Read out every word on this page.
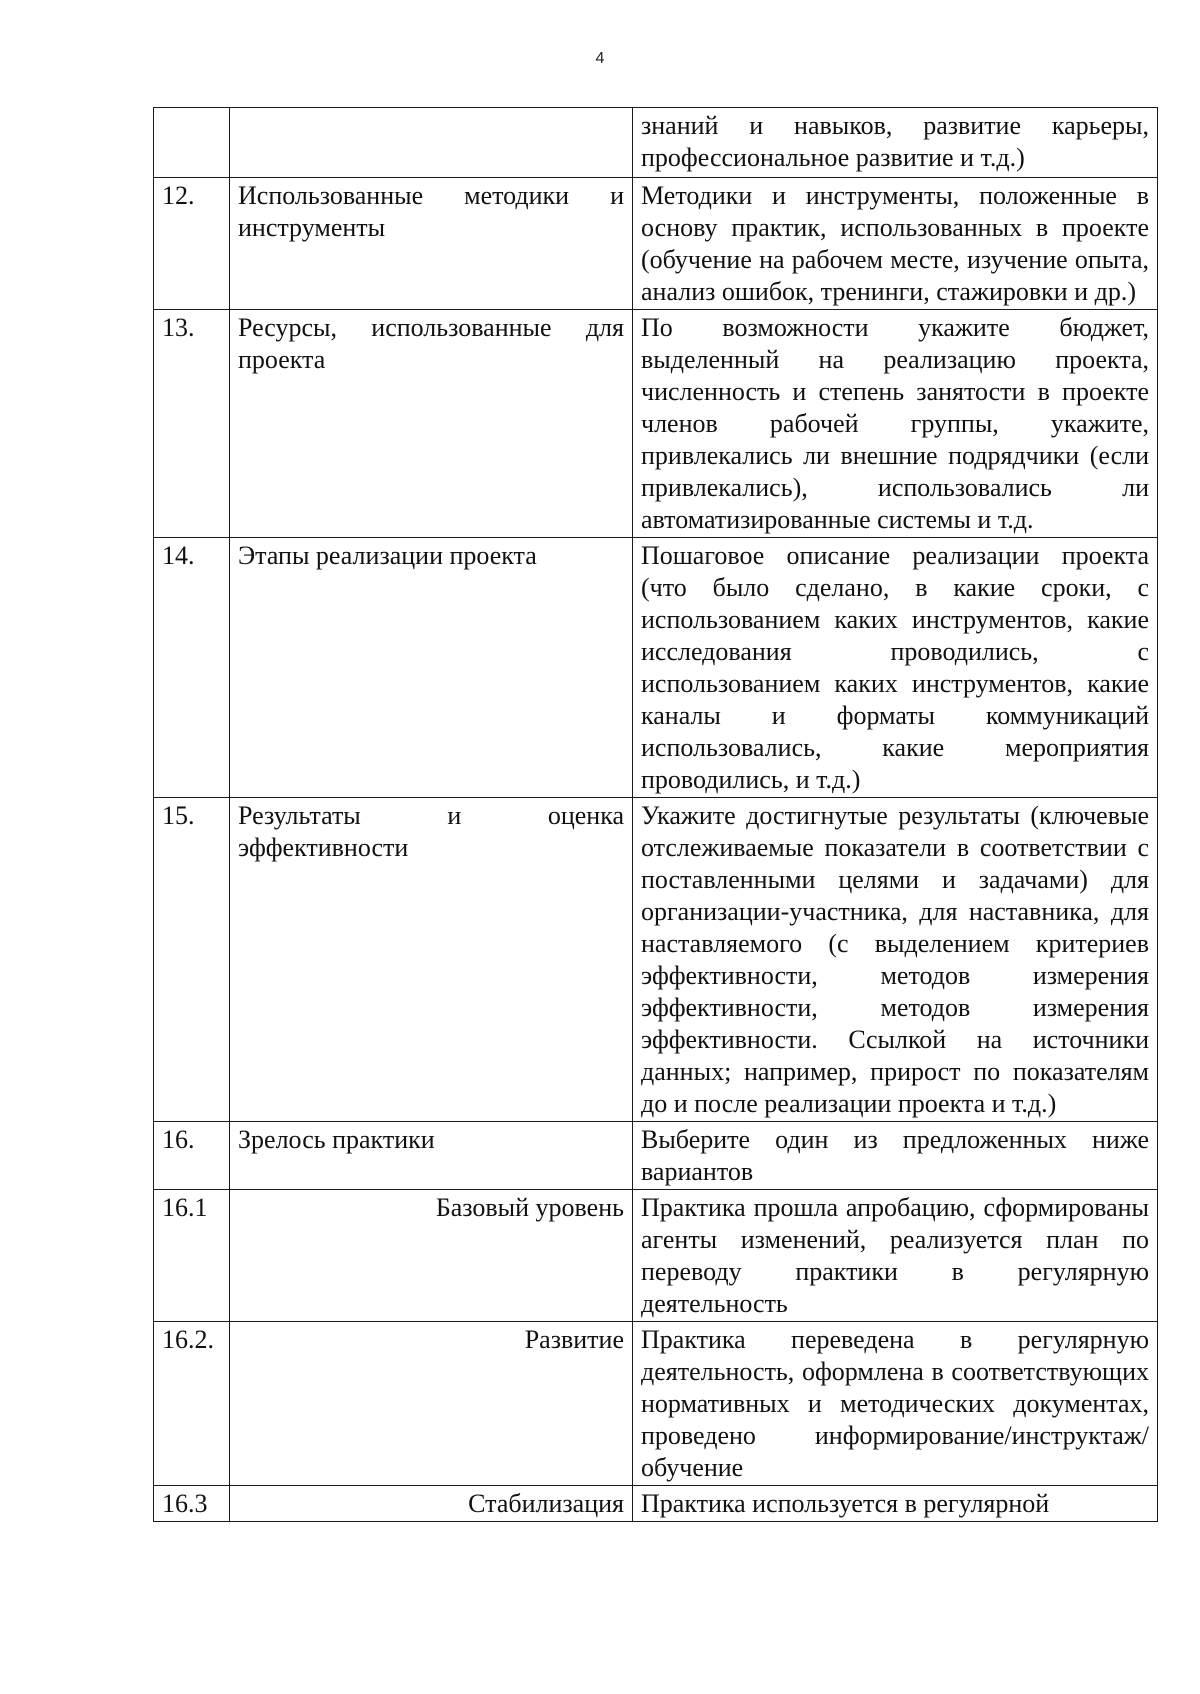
4
		знаний и навыков, развитие карьеры, профессиональное развитие и т.д.)
12.	Использованные методики и инструменты	Методики и инструменты, положенные в основу практик, использованных в проекте (обучение на рабочем месте, изучение опыта, анализ ошибок, тренинги, стажировки и др.)
13.	Ресурсы, использованные для проекта	По возможности укажите бюджет, выделенный на реализацию проекта, численность и степень занятости в проекте членов рабочей группы, укажите, привлекались ли внешние подрядчики (если привлекались), использовались ли автоматизированные системы и т.д.
14.	Этапы реализации проекта	Пошаговое описание реализации проекта (что было сделано, в какие сроки, с использованием каких инструментов, какие исследования проводились, с использованием каких инструментов, какие каналы и форматы коммуникаций использовались, какие мероприятия проводились, и т.д.)
15.	Результаты и оценка эффективности	Укажите достигнутые результаты (ключевые отслеживаемые показатели в соответствии с поставленными целями и задачами) для организации-участника, для наставника, для наставляемого (с выделением критериев эффективности, методов измерения эффективности, методов измерения эффективности. Ссылкой на источники данных; например, прирост по показателям до и после реализации проекта и т.д.)
16.	Зрелось практики	Выберите один из предложенных ниже вариантов
16.1	Базовый уровень	Практика прошла апробацию, сформированы агенты изменений, реализуется план по переводу практики в регулярную деятельность
16.2.	Развитие	Практика переведена в регулярную деятельность, оформлена в соответствующих нормативных и методических документах, проведено информирование/инструктаж/обучение
16.3	Стабилизация	Практика используется в регулярной
